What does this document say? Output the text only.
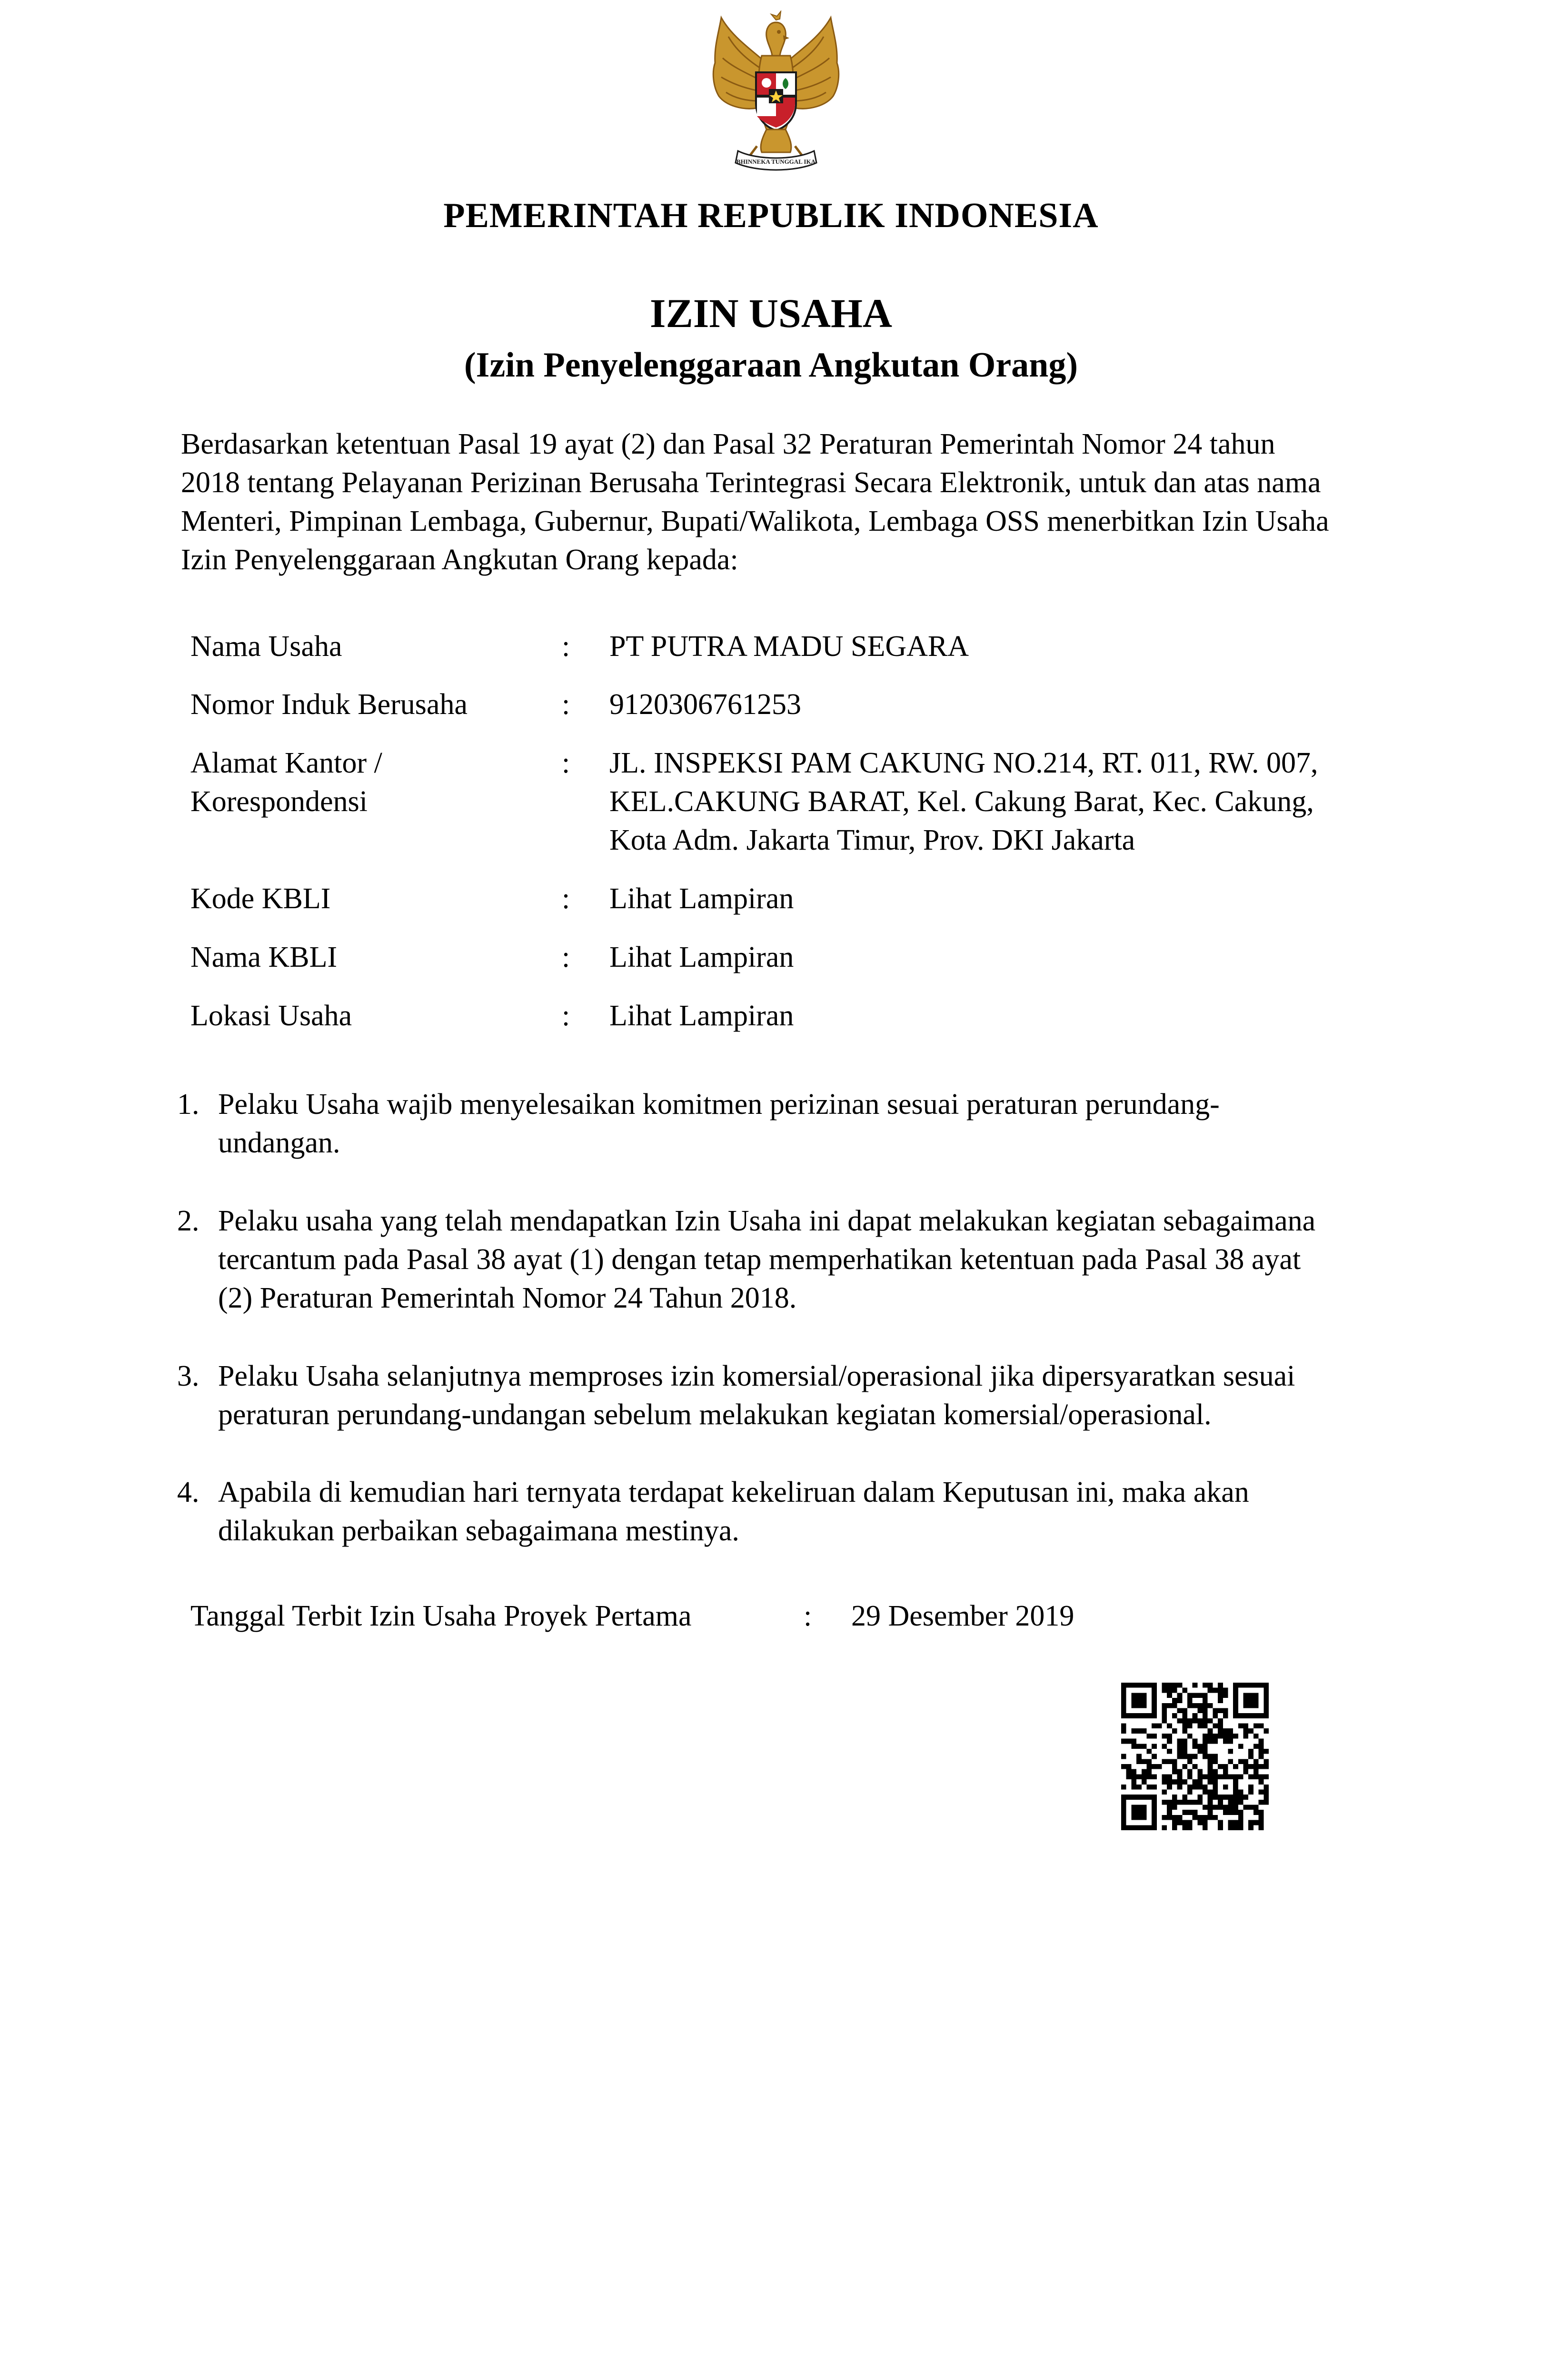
BHINNEKA TUNGGAL IKA
PEMERINTAH REPUBLIK INDONESIA
IZIN USAHA
(Izin Penyelenggaraan Angkutan Orang)
Berdasarkan ketentuan Pasal 19 ayat (2) dan Pasal 32 Peraturan Pemerintah Nomor 24 tahun
2018 tentang Pelayanan Perizinan Berusaha Terintegrasi Secara Elektronik, untuk dan atas nama
Menteri, Pimpinan Lembaga, Gubernur, Bupati/Walikota, Lembaga OSS menerbitkan Izin Usaha
Izin Penyelenggaraan Angkutan Orang kepada:
Nama Usaha	: PT PUTRA MADU SEGARA
Nomor Induk Berusaha	: 9120306761253
Alamat Kantor /
Korespondensi
: JL. INSPEKSI PAM CAKUNG NO.214, RT. 011, RW. 007,
KEL.CAKUNG BARAT, Kel. Cakung Barat, Kec. Cakung,
Kota Adm. Jakarta Timur, Prov. DKI Jakarta
Kode KBLI	: Lihat Lampiran
Nama KBLI	: Lihat Lampiran
Lokasi Usaha	: Lihat Lampiran
1. Pelaku Usaha wajib menyelesaikan komitmen perizinan sesuai peraturan perundang-
undangan.
2. Pelaku usaha yang telah mendapatkan Izin Usaha ini dapat melakukan kegiatan sebagaimana
tercantum pada Pasal 38 ayat (1) dengan tetap memperhatikan ketentuan pada Pasal 38 ayat
(2) Peraturan Pemerintah Nomor 24 Tahun 2018.
3. Pelaku Usaha selanjutnya memproses izin komersial/operasional jika dipersyaratkan sesuai
peraturan perundang-undangan sebelum melakukan kegiatan komersial/operasional.
4. Apabila di kemudian hari ternyata terdapat kekeliruan dalam Keputusan ini, maka akan
dilakukan perbaikan sebagaimana mestinya.
Tanggal Terbit Izin Usaha Proyek Pertama	: 29 Desember 2019
